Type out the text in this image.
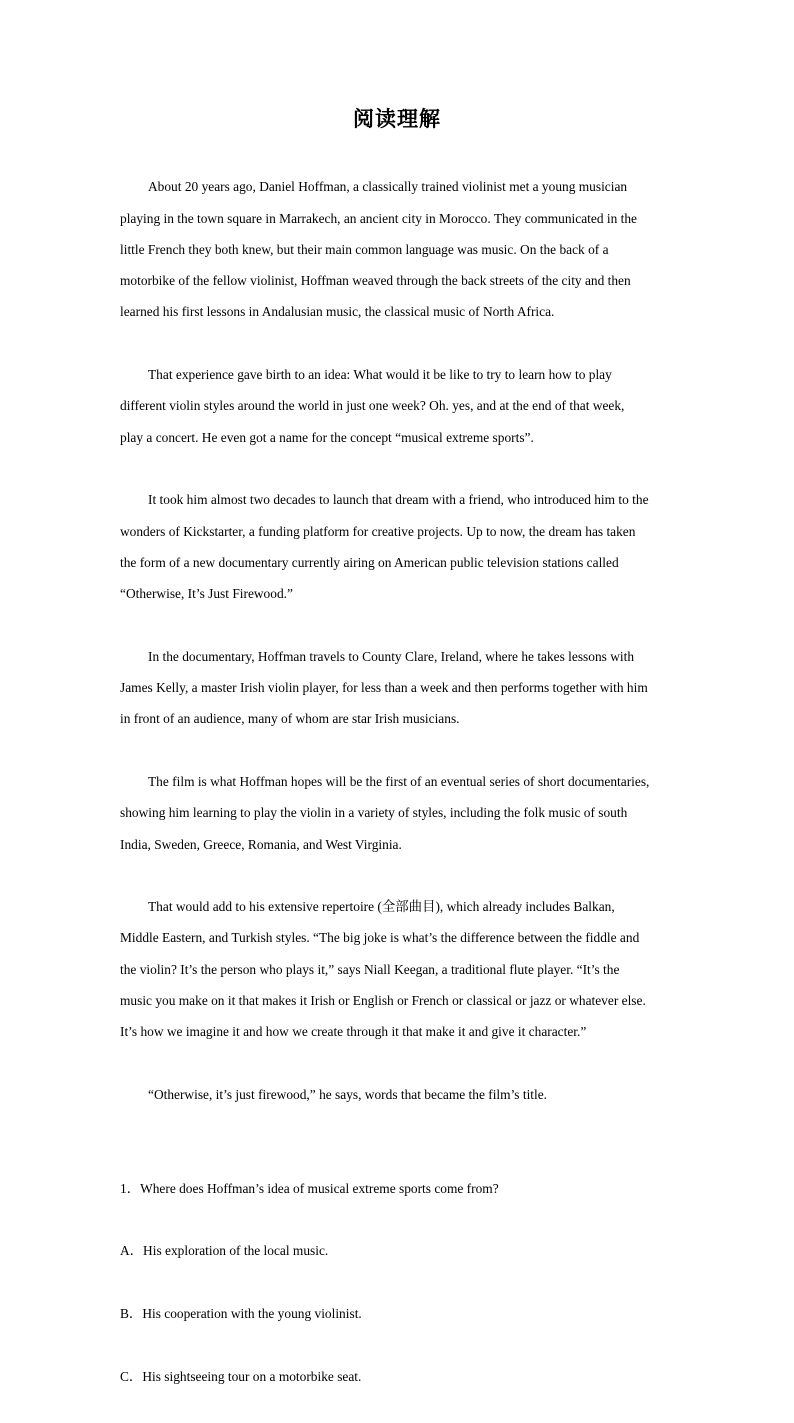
阅读理解

About 20 years ago, Daniel Hoffman, a classically trained violinist met a young musician
playing in the town square in Marrakech, an ancient city in Morocco. They communicated in the
little French they both knew, but their main common language was music. On the back of a
motorbike of the fellow violinist, Hoffman weaved through the back streets of the city and then
learned his first lessons in Andalusian music, the classical music of North Africa.

That experience gave birth to an idea: What would it be like to try to learn how to play
different violin styles around the world in just one week? Oh. yes, and at the end of that week,
play a concert. He even got a name for the concept “musical extreme sports”.

It took him almost two decades to launch that dream with a friend, who introduced him to the
wonders of Kickstarter, a funding platform for creative projects. Up to now, the dream has taken
the form of a new documentary currently airing on American public television stations called
“Otherwise, It’s Just Firewood.”

In the documentary, Hoffman travels to County Clare, Ireland, where he takes lessons with
James Kelly, a master Irish violin player, for less than a week and then performs together with him
in front of an audience, many of whom are star Irish musicians.

The film is what Hoffman hopes will be the first of an eventual series of short documentaries,
showing him learning to play the violin in a variety of styles, including the folk music of south
India, Sweden, Greece, Romania, and West Virginia.

That would add to his extensive repertoire (全部曲目), which already includes Balkan,
Middle Eastern, and Turkish styles. “The big joke is what’s the difference between the fiddle and
the violin? It’s the person who plays it,” says Niall Keegan, a traditional flute player. “It’s the
music you make on it that makes it Irish or English or French or classical or jazz or whatever else.
It’s how we imagine it and how we create through it that make it and give it character.”

“Otherwise, it’s just firewood,” he says, words that became the film’s title.

1．Where does Hoffman’s idea of musical extreme sports come from?

A．His exploration of the local music.

B．His cooperation with the young violinist.

C．His sightseeing tour on a motorbike seat.
